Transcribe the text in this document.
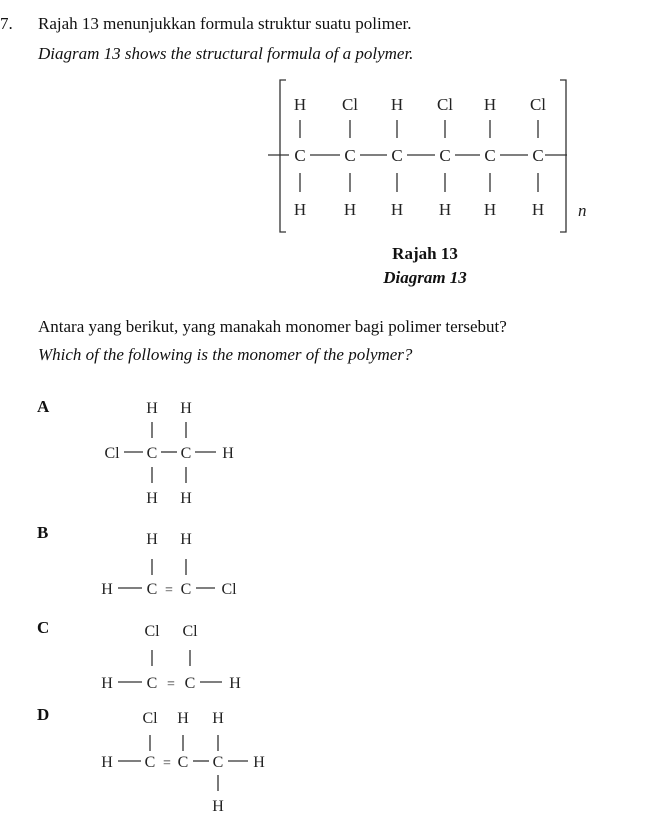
7. Rajah 13 menunjukkan formula struktur suatu polimer.
Diagram 13 shows the structural formula of a polymer.
H Cl H Cl H Cl
C C C C C C
H H H H H H n
Rajah 13
Diagram 13
Antara yang berikut, yang manakah monomer bagi polimer tersebut?
Which of the following is the monomer of the polymer?
A	H H
Cl C C H
H H
B	H H
H C = C Cl
C	Cl Cl
H C = C H
D	Cl H H
H C = C C H
H
